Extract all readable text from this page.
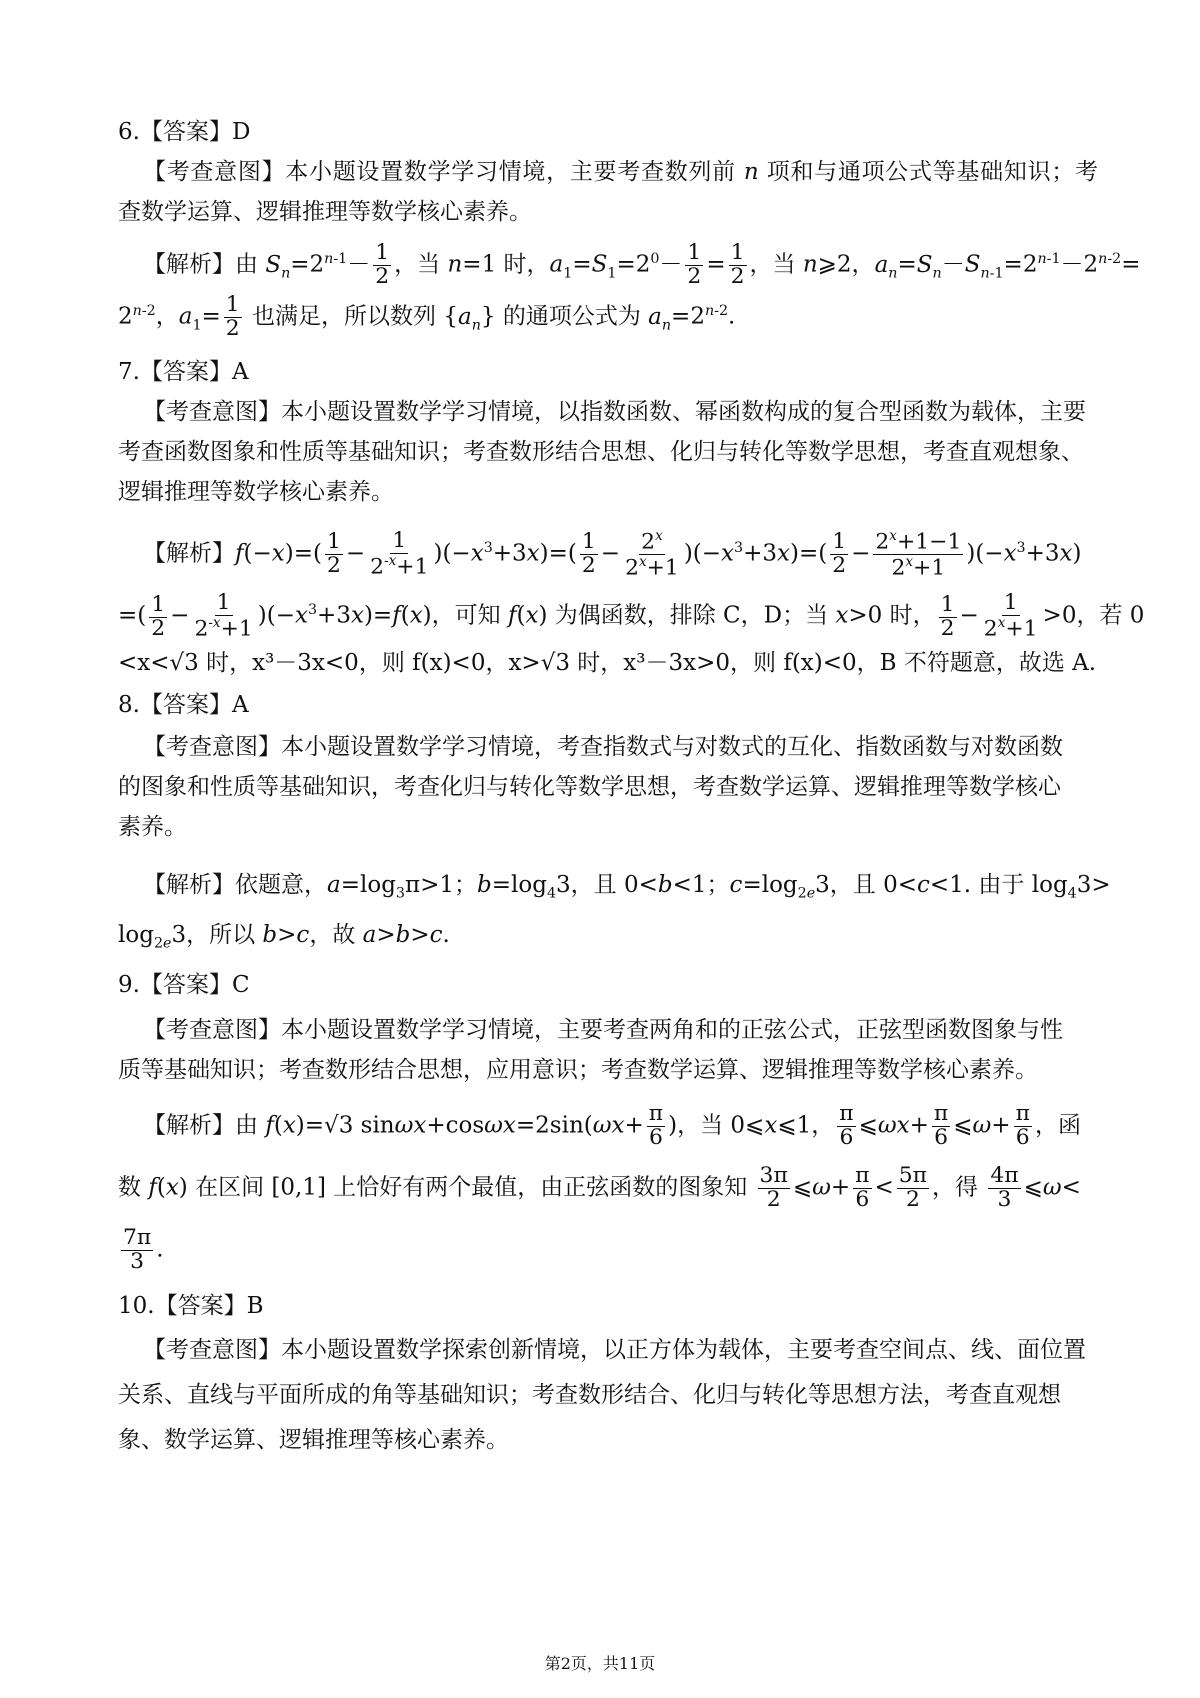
6.【答案】D
【考查意图】本小题设置数学学习情境，主要考查数列前 n 项和与通项公式等基础知识；考
查数学运算、逻辑推理等数学核心素养。
【解析】由 $S_n=2^{n-1}- \frac{1}{2}$ ，当 n=1 时，$a_1=S_1=2^0- \frac{1}{2} = \frac{1}{2}$ ，当 n⩾2，$a_n=S_n-S_{n-1}=2^{n-1}-2^{n-2}=$
$2^{n-2}$，$a_1= \frac{1}{2}$ 也满足，所以数列 $\{a_n\}$ 的通项公式为 $a_n=2^{n-2}$.
7.【答案】A
【考查意图】本小题设置数学学习情境，以指数函数、幂函数构成的复合型函数为载体，主要
考查函数图象和性质等基础知识；考查数形结合思想、化归与转化等数学思想，考查直观想象、
逻辑推理等数学核心素养。
【解析】$f(-x)=( \frac{1}{2} - \frac{1}{2^{-x}+1} )(-x^3+3x)=( \frac{1}{2} - \frac{2^x}{2^x+1} )(-x^3+3x)=( \frac{1}{2} - \frac{2^x+1-1}{2^x+1} )(-x^3+3x)$
=( $\frac{1}{2} - \frac{1}{2^{-x}+1} )(-x^3+3x)=f(x)$，可知 f(x) 为偶函数，排除 C，D；当 x>0 时， $\frac{1}{2} - \frac{1}{2^x+1} >0$，若 0
<x<√3 时，x³－3x<0，则 f(x)<0，x>√3 时，x³－3x>0，则 f(x)<0，B 不符题意，故选 A.
8.【答案】A
【考查意图】本小题设置数学学习情境，考查指数式与对数式的互化、指数函数与对数函数
的图象和性质等基础知识，考查化归与转化等数学思想，考查数学运算、逻辑推理等数学核心
素养。
【解析】依题意，$a=\log_3\pi>1$；$b=\log_43$，且 0<b<1；$c=\log_{2e}3$，且 0<c<1. 由于 $\log_43>$
$\log_{2e}3$，所以 b>c，故 a>b>c.
9.【答案】C
【考查意图】本小题设置数学学习情境，主要考查两角和的正弦公式，正弦型函数图象与性
质等基础知识；考查数形结合思想，应用意识；考查数学运算、逻辑推理等数学核心素养。
【解析】由 f(x)=√3 $\sin\omega x+\cos\omega x=2\sin(\omega x+ \frac{\pi}{6}$ )，当 0⩽x⩽1， $\frac{\pi}{6}$ ⩽ωx+ $\frac{\pi}{6}$ ⩽ω+ $\frac{\pi}{6}$ ，函
数 f(x) 在区间 [0,1] 上恰好有两个最值，由正弦函数的图象知 $\frac{3\pi}{2}$ ⩽ω+ $\frac{\pi}{6} < \frac{5\pi}{2}$ ，得 $\frac{4\pi}{3}$ ⩽ω<
$\frac{7\pi}{3}$ .
10.【答案】B
【考查意图】本小题设置数学探索创新情境，以正方体为载体，主要考查空间点、线、面位置
关系、直线与平面所成的角等基础知识；考查数形结合、化归与转化等思想方法，考查直观想
象、数学运算、逻辑推理等核心素养。
第2页，共11页
